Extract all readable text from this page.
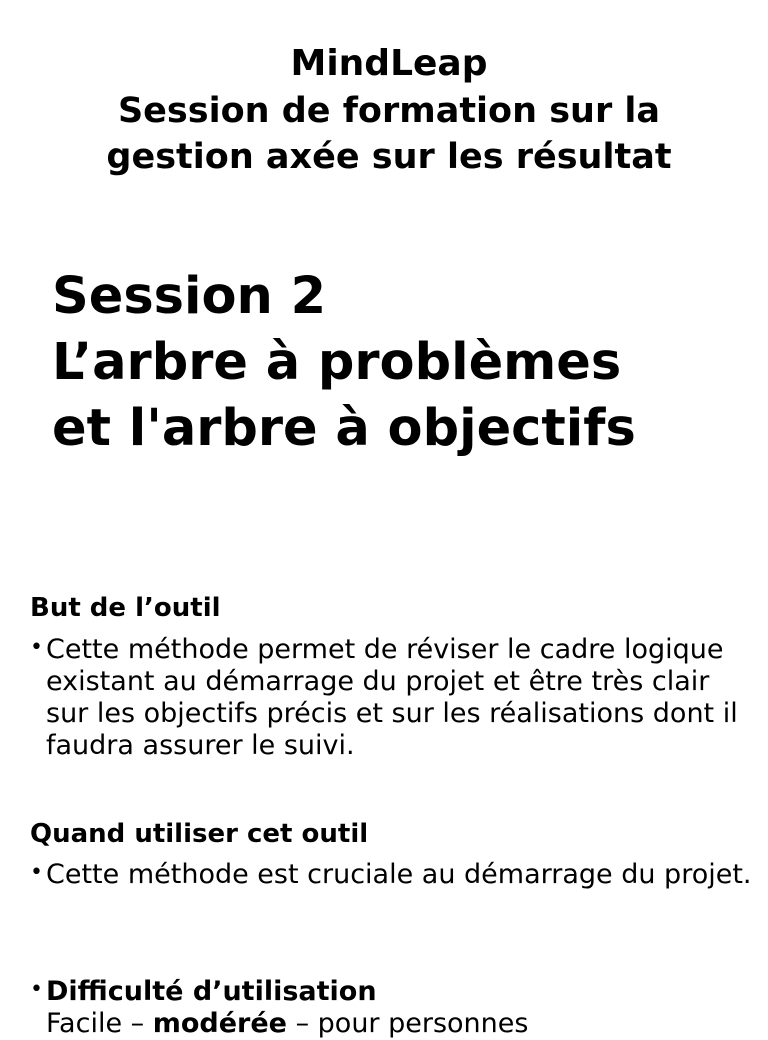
MindLeap
Session de formation sur la
gestion axée sur les résultat
Session 2
L’arbre à problèmes
et l'arbre à objectifs
But de l’outil
• Cette méthode permet de réviser le cadre logique existant au démarrage du projet et être très clair sur les objectifs précis et sur les réalisations dont il faudra assurer le suivi.
Quand utiliser cet outil
• Cette méthode est cruciale au démarrage du projet.
• Difficulté d’utilisation
Facile – modérée – pour personnes
